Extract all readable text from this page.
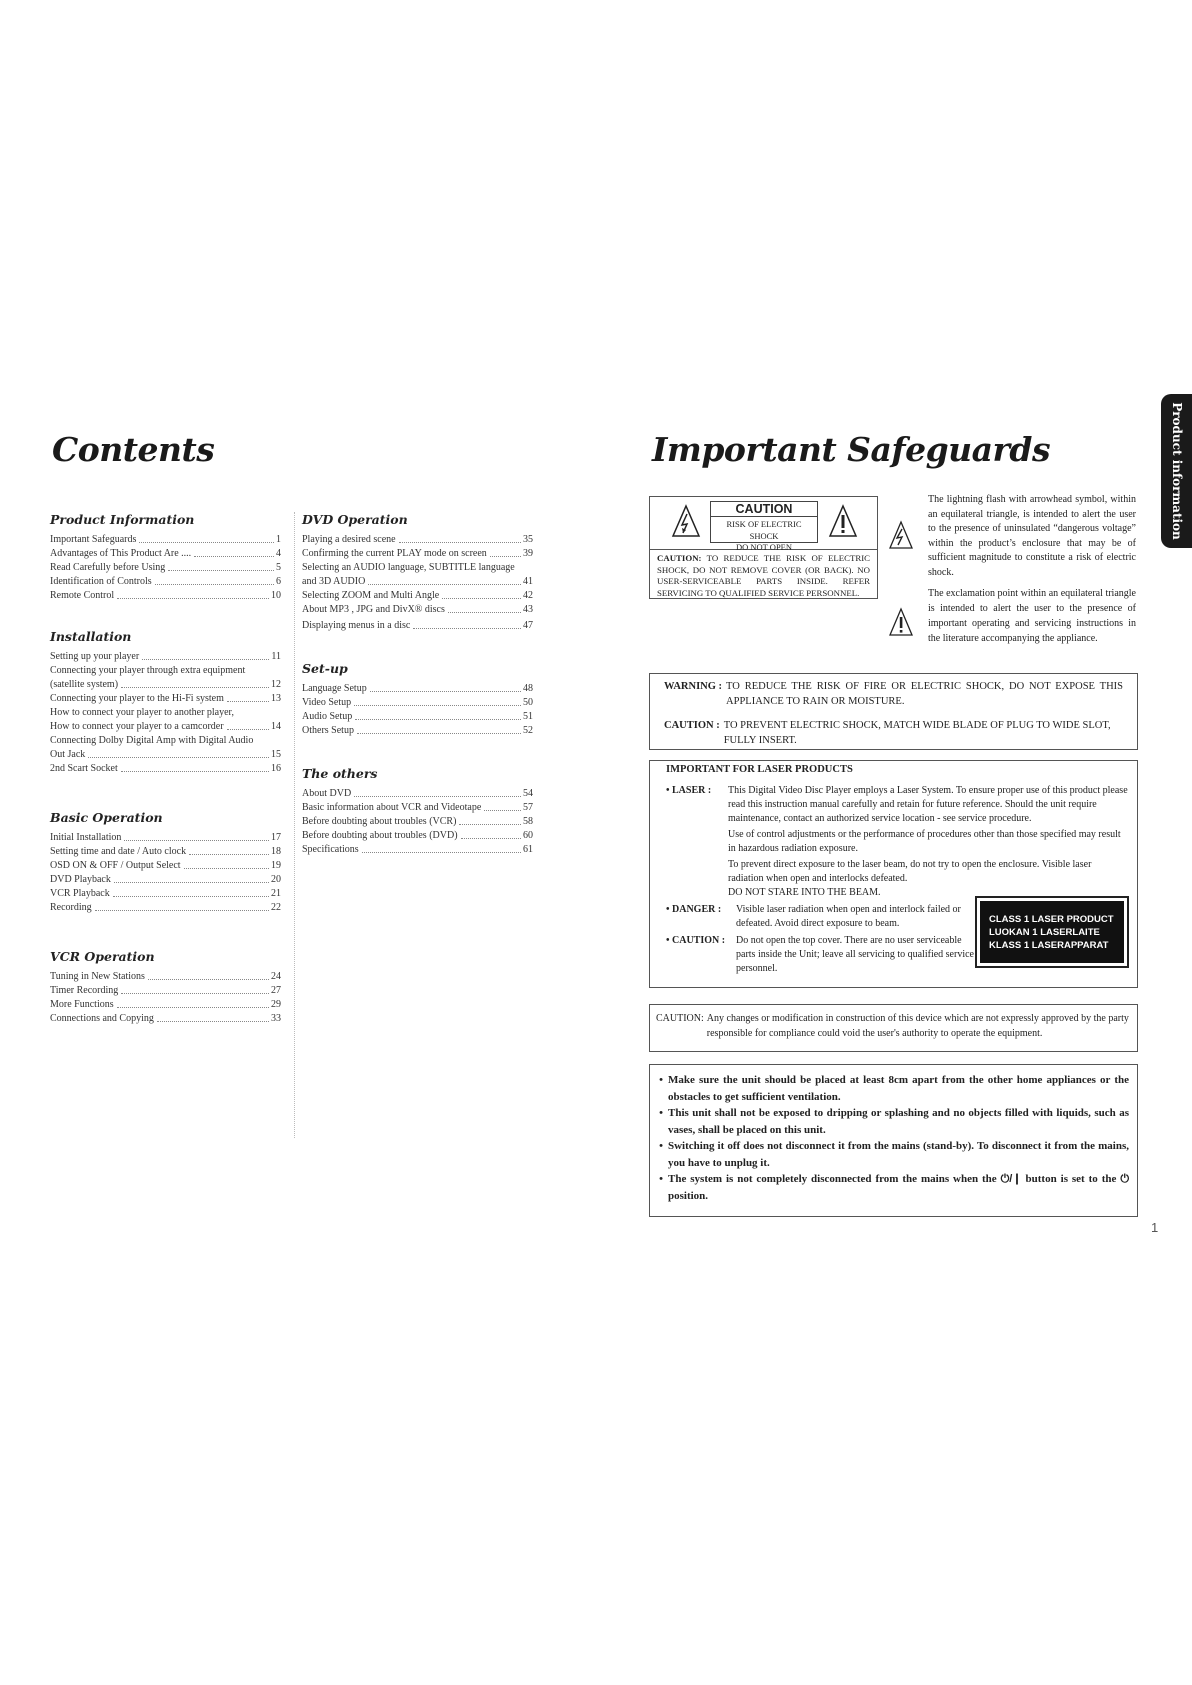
Contents
Product Information
Important Safeguards	1
Advantages of This Product Are ....	4
Read Carefully before Using	5
Identification of Controls	6
Remote Control	10
Installation
Setting up your player	11
Connecting your player through extra equipment
(satellite system)	12
Connecting your player to the Hi-Fi system	13
How to connect your player to another player,
How to connect your player to a camcorder	14
Connecting Dolby Digital Amp with Digital Audio
Out Jack	15
2nd Scart Socket	16
Basic Operation
Initial Installation	17
Setting time and date / Auto clock	18
OSD ON & OFF / Output Select	19
DVD Playback	20
VCR Playback	21
Recording	22
VCR Operation
Tuning in New Stations	24
Timer Recording	27
More Functions	29
Connections and Copying	33
DVD Operation
Playing a desired scene	35
Confirming the current PLAY mode on screen	39
Selecting an AUDIO language, SUBTITLE language
and 3D AUDIO	41
Selecting ZOOM and Multi Angle	42
About MP3 , JPG and DivX® discs	43
Displaying menus in a disc	47
Set-up
Language Setup	48
Video Setup	50
Audio Setup	51
Others Setup	52
The others
About DVD	54
Basic information about VCR and Videotape	57
Before doubting about troubles (VCR)	58
Before doubting about troubles (DVD)	60
Specifications	61
Important Safeguards	Product information
CAUTION
RISK OF ELECTRIC SHOCK
DO NOT OPEN
CAUTION: TO REDUCE THE RISK OF ELECTRIC SHOCK, DO NOT REMOVE COVER (OR BACK). NO USER-SERVICEABLE PARTS INSIDE. REFER SERVICING TO QUALIFIED SERVICE PERSONNEL.
The lightning flash with arrowhead symbol, within an equilateral triangle, is intended to alert the user to the presence of uninsulated “dangerous voltage” within the product’s enclosure that may be of sufficient magnitude to constitute a risk of electric shock.
The exclamation point within an equilateral triangle is intended to alert the user to the presence of important operating and servicing instructions in the literature accompanying the appliance.
WARNING : TO REDUCE THE RISK OF FIRE OR ELECTRIC SHOCK, DO NOT EXPOSE THIS APPLIANCE TO RAIN OR MOISTURE.
CAUTION : TO PREVENT ELECTRIC SHOCK, MATCH WIDE BLADE OF PLUG TO WIDE SLOT, FULLY INSERT.
IMPORTANT FOR LASER PRODUCTS
• LASER :	This Digital Video Disc Player employs a Laser System. To ensure proper use of this product please read this instruction manual carefully and retain for future reference. Should the unit require maintenance, contact an authorized service location - see service procedure.
Use of control adjustments or the performance of procedures other than those specified may result in hazardous radiation exposure.
To prevent direct exposure to the laser beam, do not try to open the enclosure. Visible laser radiation when open and interlocks defeated.
DO NOT STARE INTO THE BEAM.
• DANGER :	Visible laser radiation when open and interlock failed or defeated. Avoid direct exposure to beam.
• CAUTION :	Do not open the top cover. There are no user serviceable parts inside the Unit; leave all servicing to qualified service personnel.
CLASS 1 LASER PRODUCT
LUOKAN 1 LASERLAITE
KLASS 1 LASERAPPARAT
CAUTION: Any changes or modification in construction of this device which are not expressly approved by the party responsible for compliance could void the user's authority to operate the equipment.
• Make sure the unit should be placed at least 8cm apart from the other home appliances or the obstacles to get sufficient ventilation.
• This unit shall not be exposed to dripping or splashing and no objects filled with liquids, such as vases, shall be placed on this unit.
• Switching it off does not disconnect it from the mains (stand-by). To disconnect it from the mains, you have to unplug it.
• The system is not completely disconnected from the mains when the ⏻/❙ button is set to the ⏻ position.
1
